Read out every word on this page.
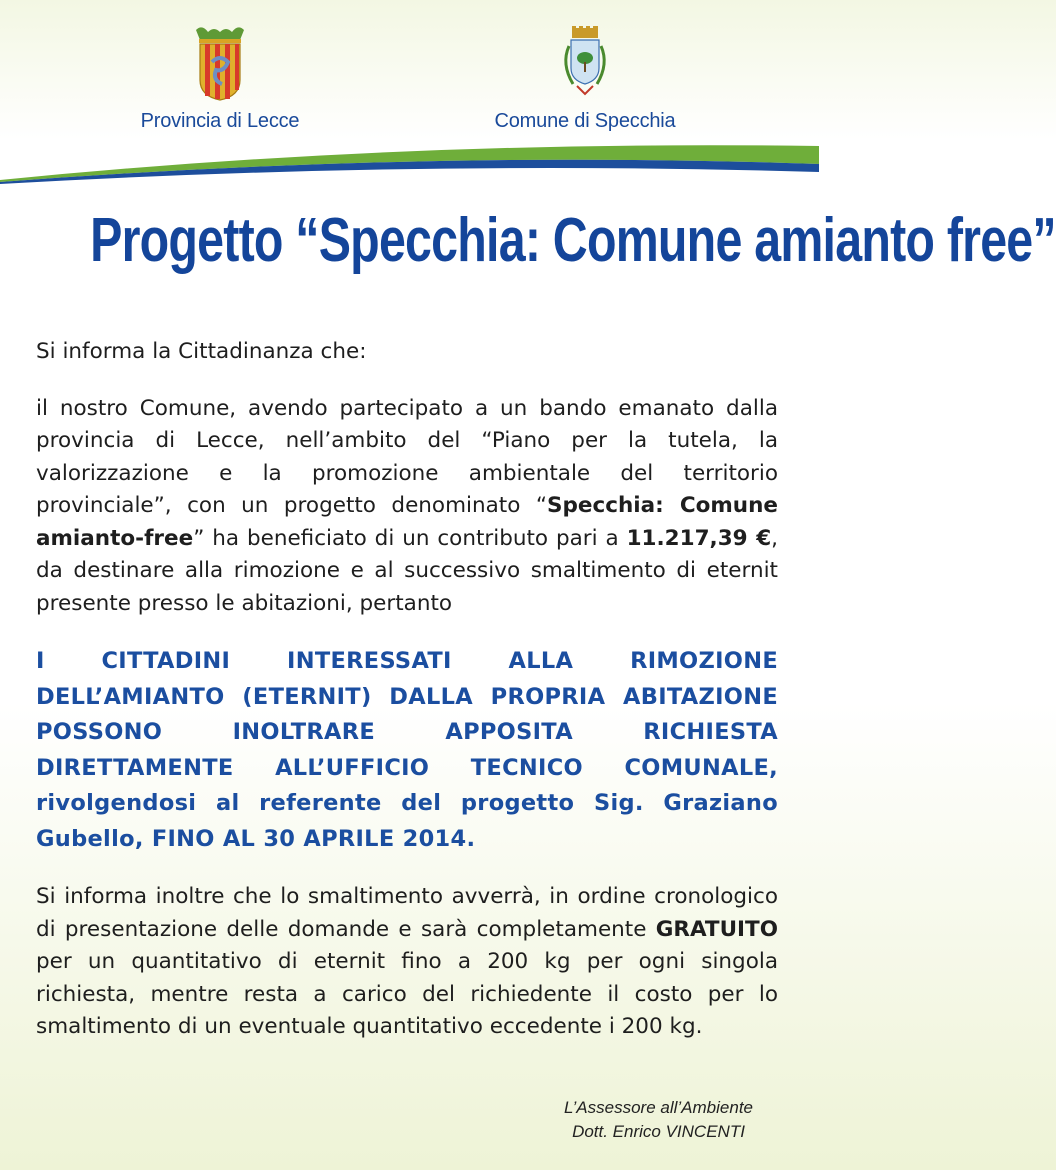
Provincia di Lecce	Comune di Specchia
Progetto “Specchia: Comune amianto free”

Si informa la Cittadinanza che:

il nostro Comune, avendo partecipato a un bando emanato dalla provincia di Lecce, nell’ambito del “Piano per la tutela, la valorizzazione e la promozione ambientale del territorio provinciale”, con un progetto denominato “Specchia: Comune amianto-free” ha beneficiato di un contributo pari a 11.217,39 €, da destinare alla rimozione e al successivo smaltimento di eternit presente presso le abitazioni, pertanto

I CITTADINI INTERESSATI ALLA RIMOZIONE DELL’AMIANTO (ETERNIT) DALLA PROPRIA ABITAZIONE POSSONO INOLTRARE APPOSITA RICHIESTA DIRETTAMENTE ALL’UFFICIO TECNICO COMUNALE, rivolgendosi al referente del progetto Sig. Graziano Gubello, FINO AL 30 APRILE 2014.

Si informa inoltre che lo smaltimento avverrà, in ordine cronologico di presentazione delle domande e sarà completamente GRATUITO per un quantitativo di eternit fino a 200 kg per ogni singola richiesta, mentre resta a carico del richiedente il costo per lo smaltimento di un eventuale quantitativo eccedente i 200 kg.

L’Assessore all’Ambiente
Dott. Enrico VINCENTI
